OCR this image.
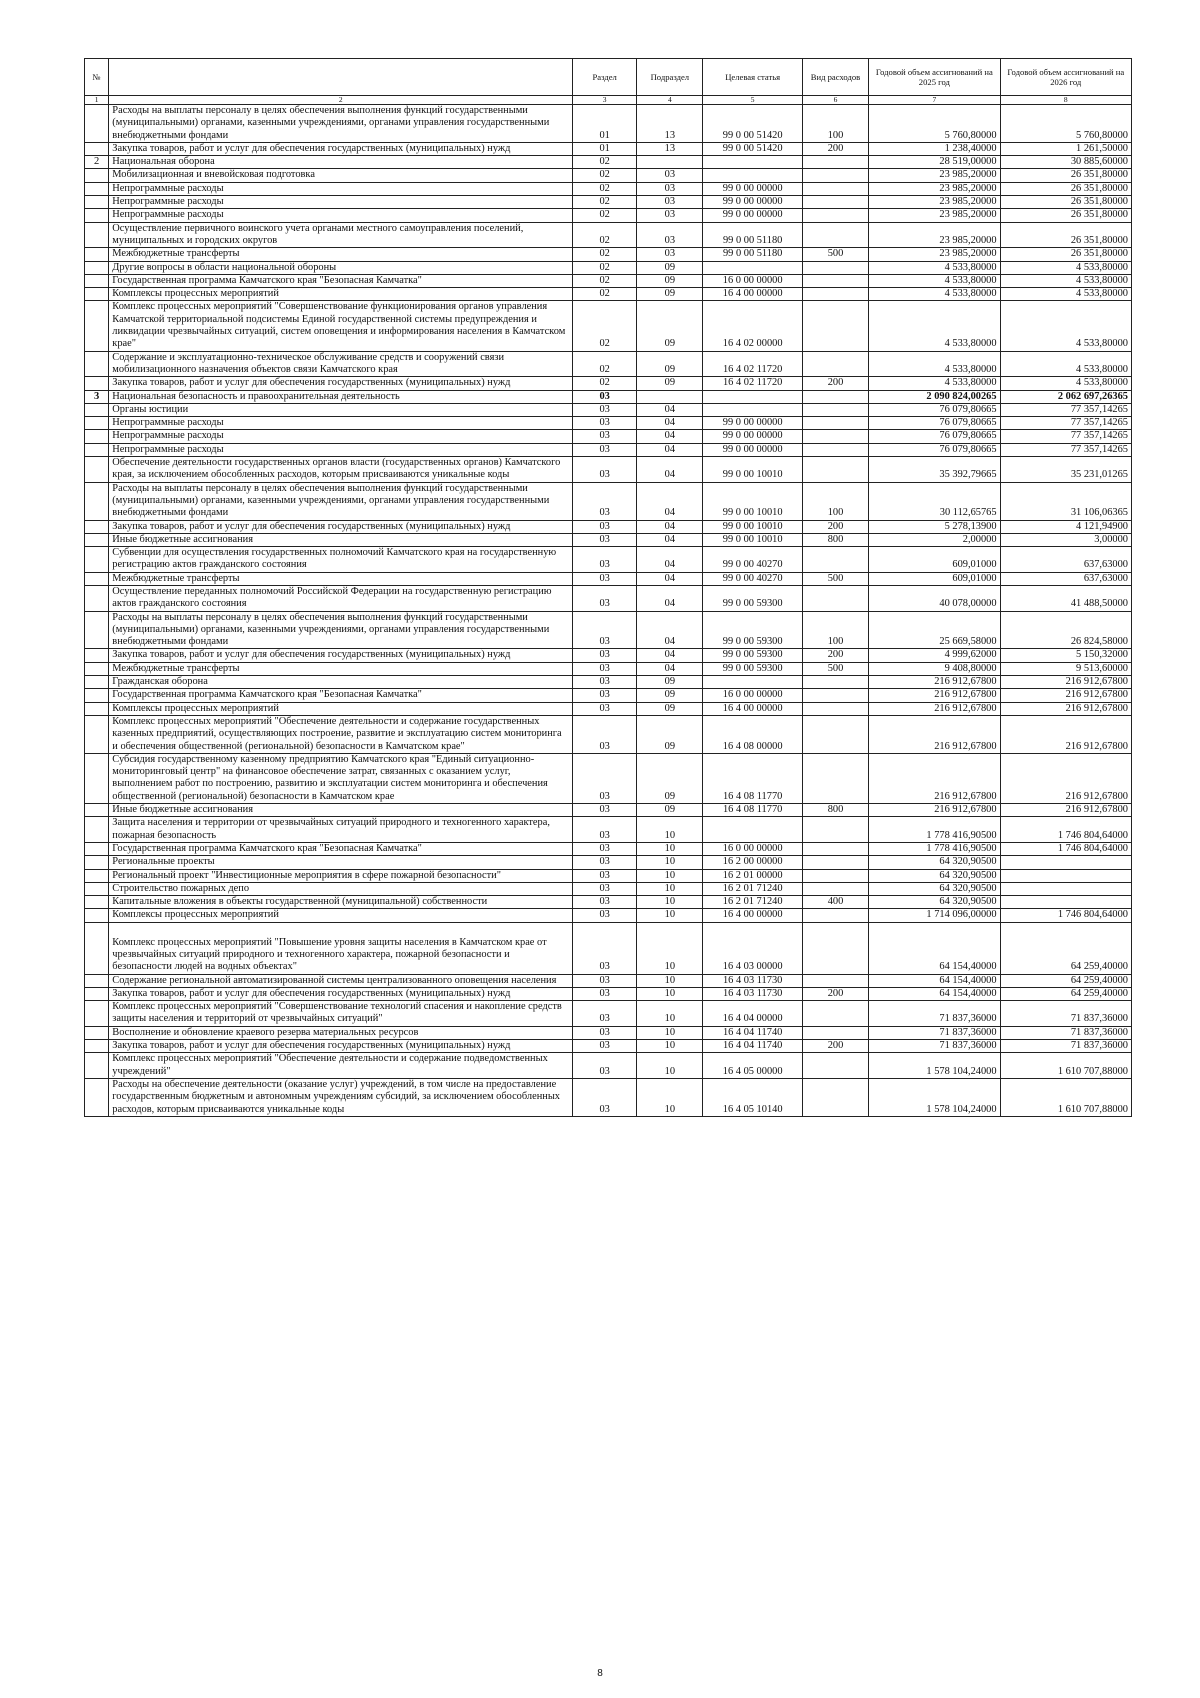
№		Раздел	Подраздел	Целевая статья	Вид расходов	Годовой объем ассигнований на 2025 год	Годовой объем ассигнований на 2026 год
1	2	3	4	5	6	7	8
	Расходы на выплаты персоналу в целях обеспечения выполнения функций государственными (муниципальными) органами, казенными учреждениями, органами управления государственными внебюджетными фондами	01	13	99 0 00 51420	100	5 760,80000	5 760,80000
	Закупка товаров, работ и услуг для обеспечения государственных (муниципальных) нужд	01	13	99 0 00 51420	200	1 238,40000	1 261,50000
2	Национальная оборона	02				28 519,00000	30 885,60000
	Мобилизационная и вневойсковая подготовка	02	03			23 985,20000	26 351,80000
	Непрограммные расходы	02	03	99 0 00 00000		23 985,20000	26 351,80000
	Непрограммные расходы	02	03	99 0 00 00000		23 985,20000	26 351,80000
	Непрограммные расходы	02	03	99 0 00 00000		23 985,20000	26 351,80000
	Осуществление первичного воинского учета органами местного самоуправления поселений, муниципальных и городских округов	02	03	99 0 00 51180		23 985,20000	26 351,80000
	Межбюджетные трансферты	02	03	99 0 00 51180	500	23 985,20000	26 351,80000
	Другие вопросы в области национальной обороны	02	09			4 533,80000	4 533,80000
	Государственная программа Камчатского края "Безопасная Камчатка"	02	09	16 0 00 00000		4 533,80000	4 533,80000
	Комплексы процессных мероприятий	02	09	16 4 00 00000		4 533,80000	4 533,80000
	Комплекс процессных мероприятий "Совершенствование функционирования органов управления Камчатской территориальной подсистемы Единой государственной системы предупреждения и ликвидации чрезвычайных ситуаций, систем оповещения и информирования населения в Камчатском крае"	02	09	16 4 02 00000		4 533,80000	4 533,80000
	Содержание и эксплуатационно-техническое обслуживание средств и сооружений связи мобилизационного назначения объектов связи Камчатского края	02	09	16 4 02 11720		4 533,80000	4 533,80000
	Закупка товаров, работ и услуг для обеспечения государственных (муниципальных) нужд	02	09	16 4 02 11720	200	4 533,80000	4 533,80000
3	Национальная безопасность и правоохранительная деятельность	03				2 090 824,00265	2 062 697,26365
	Органы юстиции	03	04			76 079,80665	77 357,14265
	Непрограммные расходы	03	04	99 0 00 00000		76 079,80665	77 357,14265
	Непрограммные расходы	03	04	99 0 00 00000		76 079,80665	77 357,14265
	Непрограммные расходы	03	04	99 0 00 00000		76 079,80665	77 357,14265
	Обеспечение деятельности государственных органов власти (государственных органов) Камчатского края, за исключением обособленных расходов, которым присваиваются уникальные коды	03	04	99 0 00 10010		35 392,79665	35 231,01265
	Расходы на выплаты персоналу в целях обеспечения выполнения функций государственными (муниципальными) органами, казенными учреждениями, органами управления государственными внебюджетными фондами	03	04	99 0 00 10010	100	30 112,65765	31 106,06365
	Закупка товаров, работ и услуг для обеспечения государственных (муниципальных) нужд	03	04	99 0 00 10010	200	5 278,13900	4 121,94900
	Иные бюджетные ассигнования	03	04	99 0 00 10010	800	2,00000	3,00000
	Субвенции для осуществления государственных полномочий Камчатского края на государственную регистрацию актов гражданского состояния	03	04	99 0 00 40270		609,01000	637,63000
	Межбюджетные трансферты	03	04	99 0 00 40270	500	609,01000	637,63000
	Осуществление переданных полномочий Российской Федерации на государственную регистрацию актов гражданского состояния	03	04	99 0 00 59300		40 078,00000	41 488,50000
	Расходы на выплаты персоналу в целях обеспечения выполнения функций государственными (муниципальными) органами, казенными учреждениями, органами управления государственными внебюджетными фондами	03	04	99 0 00 59300	100	25 669,58000	26 824,58000
	Закупка товаров, работ и услуг для обеспечения государственных (муниципальных) нужд	03	04	99 0 00 59300	200	4 999,62000	5 150,32000
	Межбюджетные трансферты	03	04	99 0 00 59300	500	9 408,80000	9 513,60000
	Гражданская оборона	03	09			216 912,67800	216 912,67800
	Государственная программа Камчатского края "Безопасная Камчатка"	03	09	16 0 00 00000		216 912,67800	216 912,67800
	Комплексы процессных мероприятий	03	09	16 4 00 00000		216 912,67800	216 912,67800
	Комплекс процессных мероприятий "Обеспечение деятельности и содержание государственных казенных предприятий, осуществляющих построение, развитие и эксплуатацию систем мониторинга и обеспечения общественной (региональной) безопасности в Камчатском крае"	03	09	16 4 08 00000		216 912,67800	216 912,67800
	Субсидия государственному казенному предприятию Камчатского края "Единый ситуационно-мониторинговый центр" на финансовое обеспечение затрат, связанных с оказанием услуг, выполнением работ по построению, развитию и эксплуатации систем мониторинга и обеспечения общественной (региональной) безопасности в Камчатском крае	03	09	16 4 08 11770		216 912,67800	216 912,67800
	Иные бюджетные ассигнования	03	09	16 4 08 11770	800	216 912,67800	216 912,67800
	Защита населения и территории от чрезвычайных ситуаций природного и техногенного характера, пожарная безопасность	03	10			1 778 416,90500	1 746 804,64000
	Государственная программа Камчатского края "Безопасная Камчатка"	03	10	16 0 00 00000		1 778 416,90500	1 746 804,64000
	Региональные проекты	03	10	16 2 00 00000		64 320,90500	
	Региональный проект "Инвестиционные мероприятия в сфере пожарной безопасности"	03	10	16 2 01 00000		64 320,90500	
	Строительство пожарных депо	03	10	16 2 01 71240		64 320,90500	
	Капитальные вложения в объекты государственной (муниципальной) собственности	03	10	16 2 01 71240	400	64 320,90500	
	Комплексы процессных мероприятий	03	10	16 4 00 00000		1 714 096,00000	1 746 804,64000
	Комплекс процессных мероприятий "Повышение уровня защиты населения в Камчатском крае от чрезвычайных ситуаций природного и техногенного характера, пожарной безопасности и безопасности людей на водных объектах"	03	10	16 4 03 00000		64 154,40000	64 259,40000
	Содержание региональной автоматизированной системы централизованного оповещения населения	03	10	16 4 03 11730		64 154,40000	64 259,40000
	Закупка товаров, работ и услуг для обеспечения государственных (муниципальных) нужд	03	10	16 4 03 11730	200	64 154,40000	64 259,40000
	Комплекс процессных мероприятий "Совершенствование технологий спасения и накопление средств защиты населения и территорий от чрезвычайных ситуаций"	03	10	16 4 04 00000		71 837,36000	71 837,36000
	Восполнение и обновление краевого резерва материальных ресурсов	03	10	16 4 04 11740		71 837,36000	71 837,36000
	Закупка товаров, работ и услуг для обеспечения государственных (муниципальных) нужд	03	10	16 4 04 11740	200	71 837,36000	71 837,36000
	Комплекс процессных мероприятий "Обеспечение деятельности и содержание подведомственных учреждений"	03	10	16 4 05 00000		1 578 104,24000	1 610 707,88000
	Расходы на обеспечение деятельности (оказание услуг) учреждений, в том числе на предоставление государственным бюджетным и автономным учреждениям субсидий, за исключением обособленных расходов, которым присваиваются уникальные коды	03	10	16 4 05 10140		1 578 104,24000	1 610 707,88000
8
